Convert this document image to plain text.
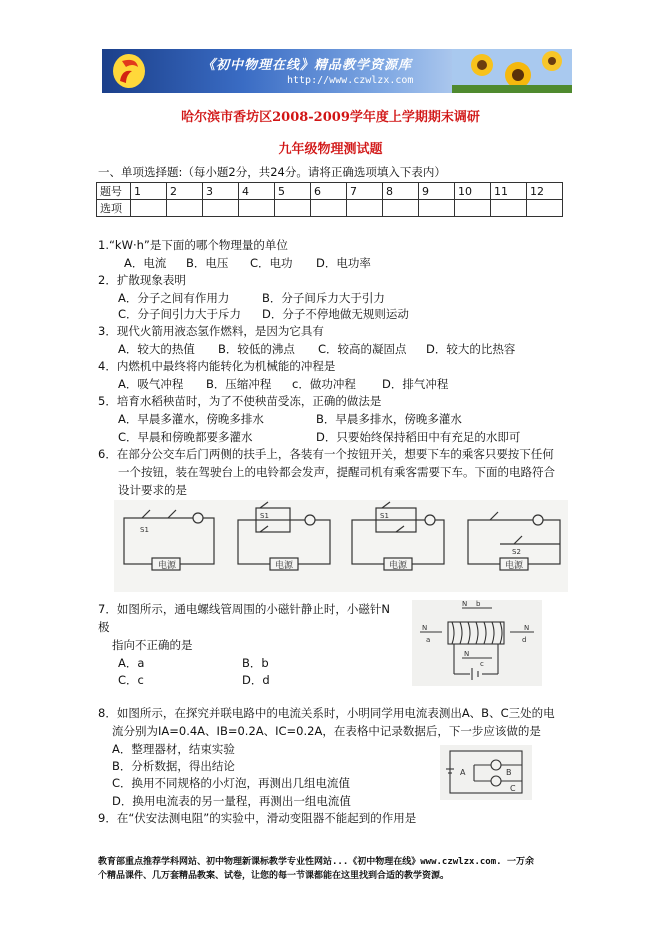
《初中物理在线》精品教学资源库
http://www.czwlzx.com
哈尔滨市香坊区2008-2009学年度上学期期末调研
九年级物理测试题
一、单项选择题:（每小题2分，共24分。请将正确选项填入下表内）
题号	1	2	3	4	5	6	7	8	9	10	11	12
选项												
1.“kW·h”是下面的哪个物理量的单位
A．电流 B．电压 C．电功 D．电功率
2．扩散现象表明
A．分子之间有作用力	B．分子间斥力大于引力
C．分子间引力大于斥力 D．分子不停地做无规则运动
3．现代火箭用液态氢作燃料，是因为它具有
A．较大的热值 B．较低的沸点 C．较高的凝固点 D．较大的比热容
4．内燃机中最终将内能转化为机械能的冲程是
A．吸气冲程 B．压缩冲程 c．做功冲程 D．排气冲程
5．培育水稻秧苗时，为了不使秧苗受冻，正确的做法是
A．早晨多灌水，傍晚多排水	B．早晨多排水，傍晚多灌水
C．早晨和傍晚都要多灌水	D．只要始终保持稻田中有充足的水即可
6．在部分公交车后门两侧的扶手上，各装有一个按钮开关，想要下车的乘客只要按下任何
一个按钮，装在驾驶台上的电铃都会发声，提醒司机有乘客需要下车。下面的电路符合
设计要求的是
电源	电源	电源	电源
S1
S1	S1
S2
7．如图所示，通电螺线管周围的小磁针静止时，小磁针N
极
指向不正确的是
A．a	B．b
C．c	D．d
N b
N
a
N
d
N
c
8．如图所示，在探究并联电路中的电流关系时，小明同学用电流表测出A、B、C三处的电
流分别为IA=0.4A、IB=0.2A、IC=0.2A，在表格中记录数据后，下一步应该做的是
A．整理器材，结束实验
B．分析数据，得出结论
C．换用不同规格的小灯泡，再测出几组电流值
D．换用电流表的另一量程，再测出一组电流值
A	B
C
9．在“伏安法测电阻”的实验中，滑动变阻器不能起到的作用是
教育部重点推荐学科网站、初中物理新课标教学专业性网站...《初中物理在线》www.czwlzx.com. 一万余
个精品课件、几万套精品教案、试卷，让您的每一节课都能在这里找到合适的教学资源。
